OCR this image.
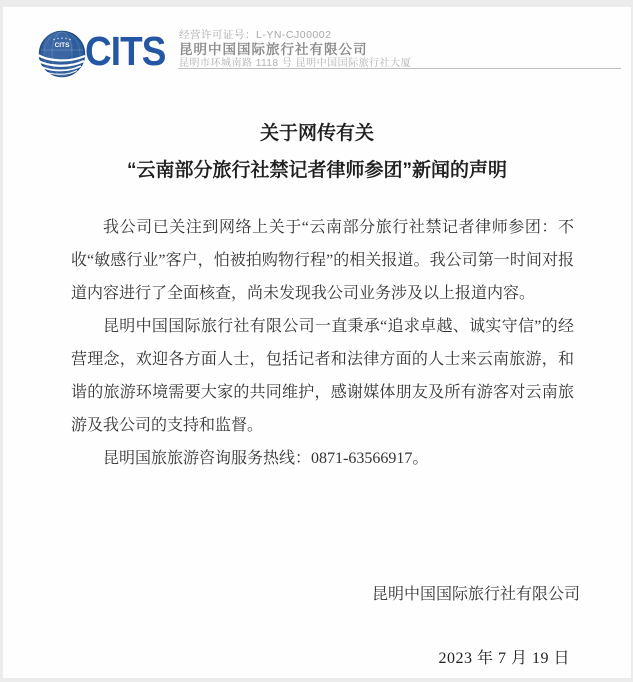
CITS CITS 经营许可证号：L-YN-CJ00002
昆明中国国际旅行社有限公司
昆明市环城南路 1118 号 昆明中国国际旅行社大厦
关于网传有关
“云南部分旅行社禁记者律师参团”新闻的声明

我公司已关注到网络上关于“云南部分旅行社禁记者律师参团：不收“敏感行业”客户，怕被拍购物行程”的相关报道。我公司第一时间对报道内容进行了全面核查，尚未发现我公司业务涉及以上报道内容。

昆明中国国际旅行社有限公司一直秉承“追求卓越、诚实守信”的经营理念，欢迎各方面人士，包括记者和法律方面的人士来云南旅游，和谐的旅游环境需要大家的共同维护，感谢媒体朋友及所有游客对云南旅游及我公司的支持和监督。

昆明国旅旅游咨询服务热线：0871-63566917。

昆明中国国际旅行社有限公司
2023 年 7 月 19 日
